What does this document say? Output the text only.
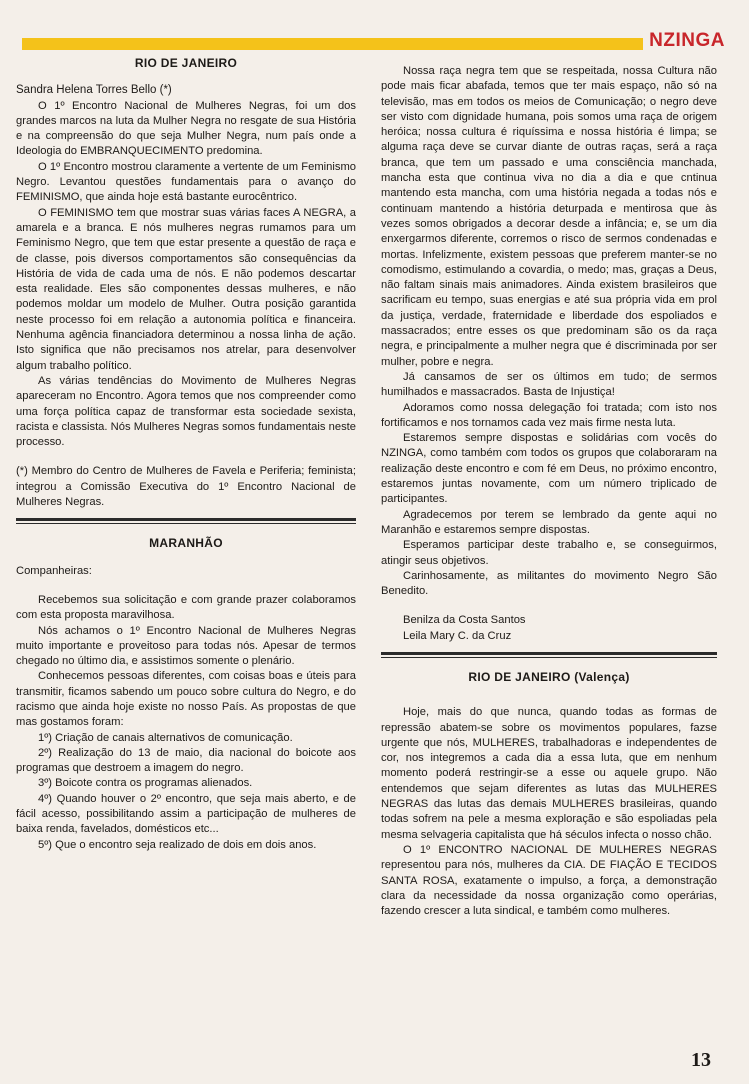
NZINGA
RIO DE JANEIRO

Sandra Helena Torres Bello (*)

O 1º Encontro Nacional de Mulheres Negras, foi um dos grandes marcos na luta da Mulher Negra no resgate de sua História e na compreensão do que seja Mulher Negra, num país onde a Ideologia do EMBRANQUECIMENTO predomina.

O 1º Encontro mostrou claramente a vertente de um Feminismo Negro. Levantou questões fundamentais para o avanço do FEMINISMO, que ainda hoje está bastante eurocêntrico.

O FEMINISMO tem que mostrar suas várias faces A NEGRA, a amarela e a branca. E nós mulheres negras rumamos para um Feminismo Negro, que tem que estar presente a questão de raça e de classe, pois diversos comportamentos são consequências da História de vida de cada uma de nós. E não podemos descartar esta realidade. Eles são componentes dessas mulheres, e não podemos moldar um modelo de Mulher. Outra posição garantida neste processo foi em relação a autonomia política e financeira. Nenhuma agência financiadora determinou a nossa linha de ação. Isto significa que não precisamos nos atrelar, para desenvolver algum trabalho político.

As várias tendências do Movimento de Mulheres Negras apareceram no Encontro. Agora temos que nos compreender como uma força política capaz de transformar esta sociedade sexista, racista e classista. Nós Mulheres Negras somos fundamentais neste processo.

(*) Membro do Centro de Mulheres de Favela e Periferia; feminista; integrou a Comissão Executiva do 1º Encontro Nacional de Mulheres Negras.

MARANHÃO

Companheiras:

Recebemos sua solicitação e com grande prazer colaboramos com esta proposta maravilhosa.

Nós achamos o 1º Encontro Nacional de Mulheres Negras muito importante e proveitoso para todas nós. Apesar de termos chegado no último dia, e assistimos somente o plenário.

Conhecemos pessoas diferentes, com coisas boas e úteis para transmitir, ficamos sabendo um pouco sobre cultura do Negro, e do racismo que ainda hoje existe no nosso País. As propostas de que mas gostamos foram:

1º) Criação de canais alternativos de comunicação.

2º) Realização do 13 de maio, dia nacional do boicote aos programas que destroem a imagem do negro.

3º) Boicote contra os programas alienados.

4º) Quando houver o 2º encontro, que seja mais aberto, e de fácil acesso, possibilitando assim a participação de mulheres de baixa renda, favelados, domésticos etc...

5º) Que o encontro seja realizado de dois em dois anos.

Nossa raça negra tem que se respeitada, nossa Cultura não pode mais ficar abafada, temos que ter mais espaço, não só na televisão, mas em todos os meios de Comunicação; o negro deve ser visto com dignidade humana, pois somos uma raça de origem heróica; nossa cultura é riquíssima e nossa história é limpa; se alguma raça deve se curvar diante de outras raças, será a raça branca, que tem um passado e uma consciência manchada, mancha esta que continua viva no dia a dia e que cntinua mantendo esta mancha, com uma história negada a todas nós e continuam mantendo a história deturpada e mentirosa que às vezes somos obrigados a decorar desde a infância; e, se um dia enxergarmos diferente, corremos o risco de sermos condenadas e mortas. Infelizmente, existem pessoas que preferem manter-se no comodismo, estimulando a covardia, o medo; mas, graças a Deus, não faltam sinais mais animadores. Ainda existem brasileiros que sacrificam eu tempo, suas energias e até sua própria vida em prol da justiça, verdade, fraternidade e liberdade dos espoliados e massacrados; entre esses os que predominam são os da raça negra, e principalmente a mulher negra que é discriminada por ser mulher, pobre e negra.

Já cansamos de ser os últimos em tudo; de sermos humilhados e massacrados. Basta de Injustiça!

Adoramos como nossa delegação foi tratada; com isto nos fortificamos e nos tornamos cada vez mais firme nesta luta.

Estaremos sempre dispostas e solidárias com vocês do NZINGA, como também com todos os grupos que colaboraram na realização deste encontro e com fé em Deus, no próximo encontro, estaremos juntas novamente, com um número triplicado de participantes.

Agradecemos por terem se lembrado da gente aqui no Maranhão e estaremos sempre dispostas.

Esperamos participar deste trabalho e, se conseguirmos, atingir seus objetivos.

Carinhosamente, as militantes do movimento Negro São Benedito.

Benilza da Costa Santos

Leila Mary C. da Cruz

RIO DE JANEIRO (Valença)

Hoje, mais do que nunca, quando todas as formas de repressão abatem-se sobre os movimentos populares, fazse urgente que nós, MULHERES, trabalhadoras e independentes de cor, nos integremos a cada dia a essa luta, que em nenhum momento poderá restringir-se a esse ou aquele grupo. Não entendemos que sejam diferentes as lutas das MULHERES NEGRAS das lutas das demais MULHERES brasileiras, quando todas sofrem na pele a mesma exploração e são espoliadas pela mesma selvageria capitalista que há séculos infecta o nosso chão.

O 1º ENCONTRO NACIONAL DE MULHERES NEGRAS representou para nós, mulheres da CIA. DE FIAÇÃO E TECIDOS SANTA ROSA, exatamente o impulso, a força, a demonstração clara da necessidade da nossa organização como operárias, fazendo crescer a luta sindical, e também como mulheres.

13
